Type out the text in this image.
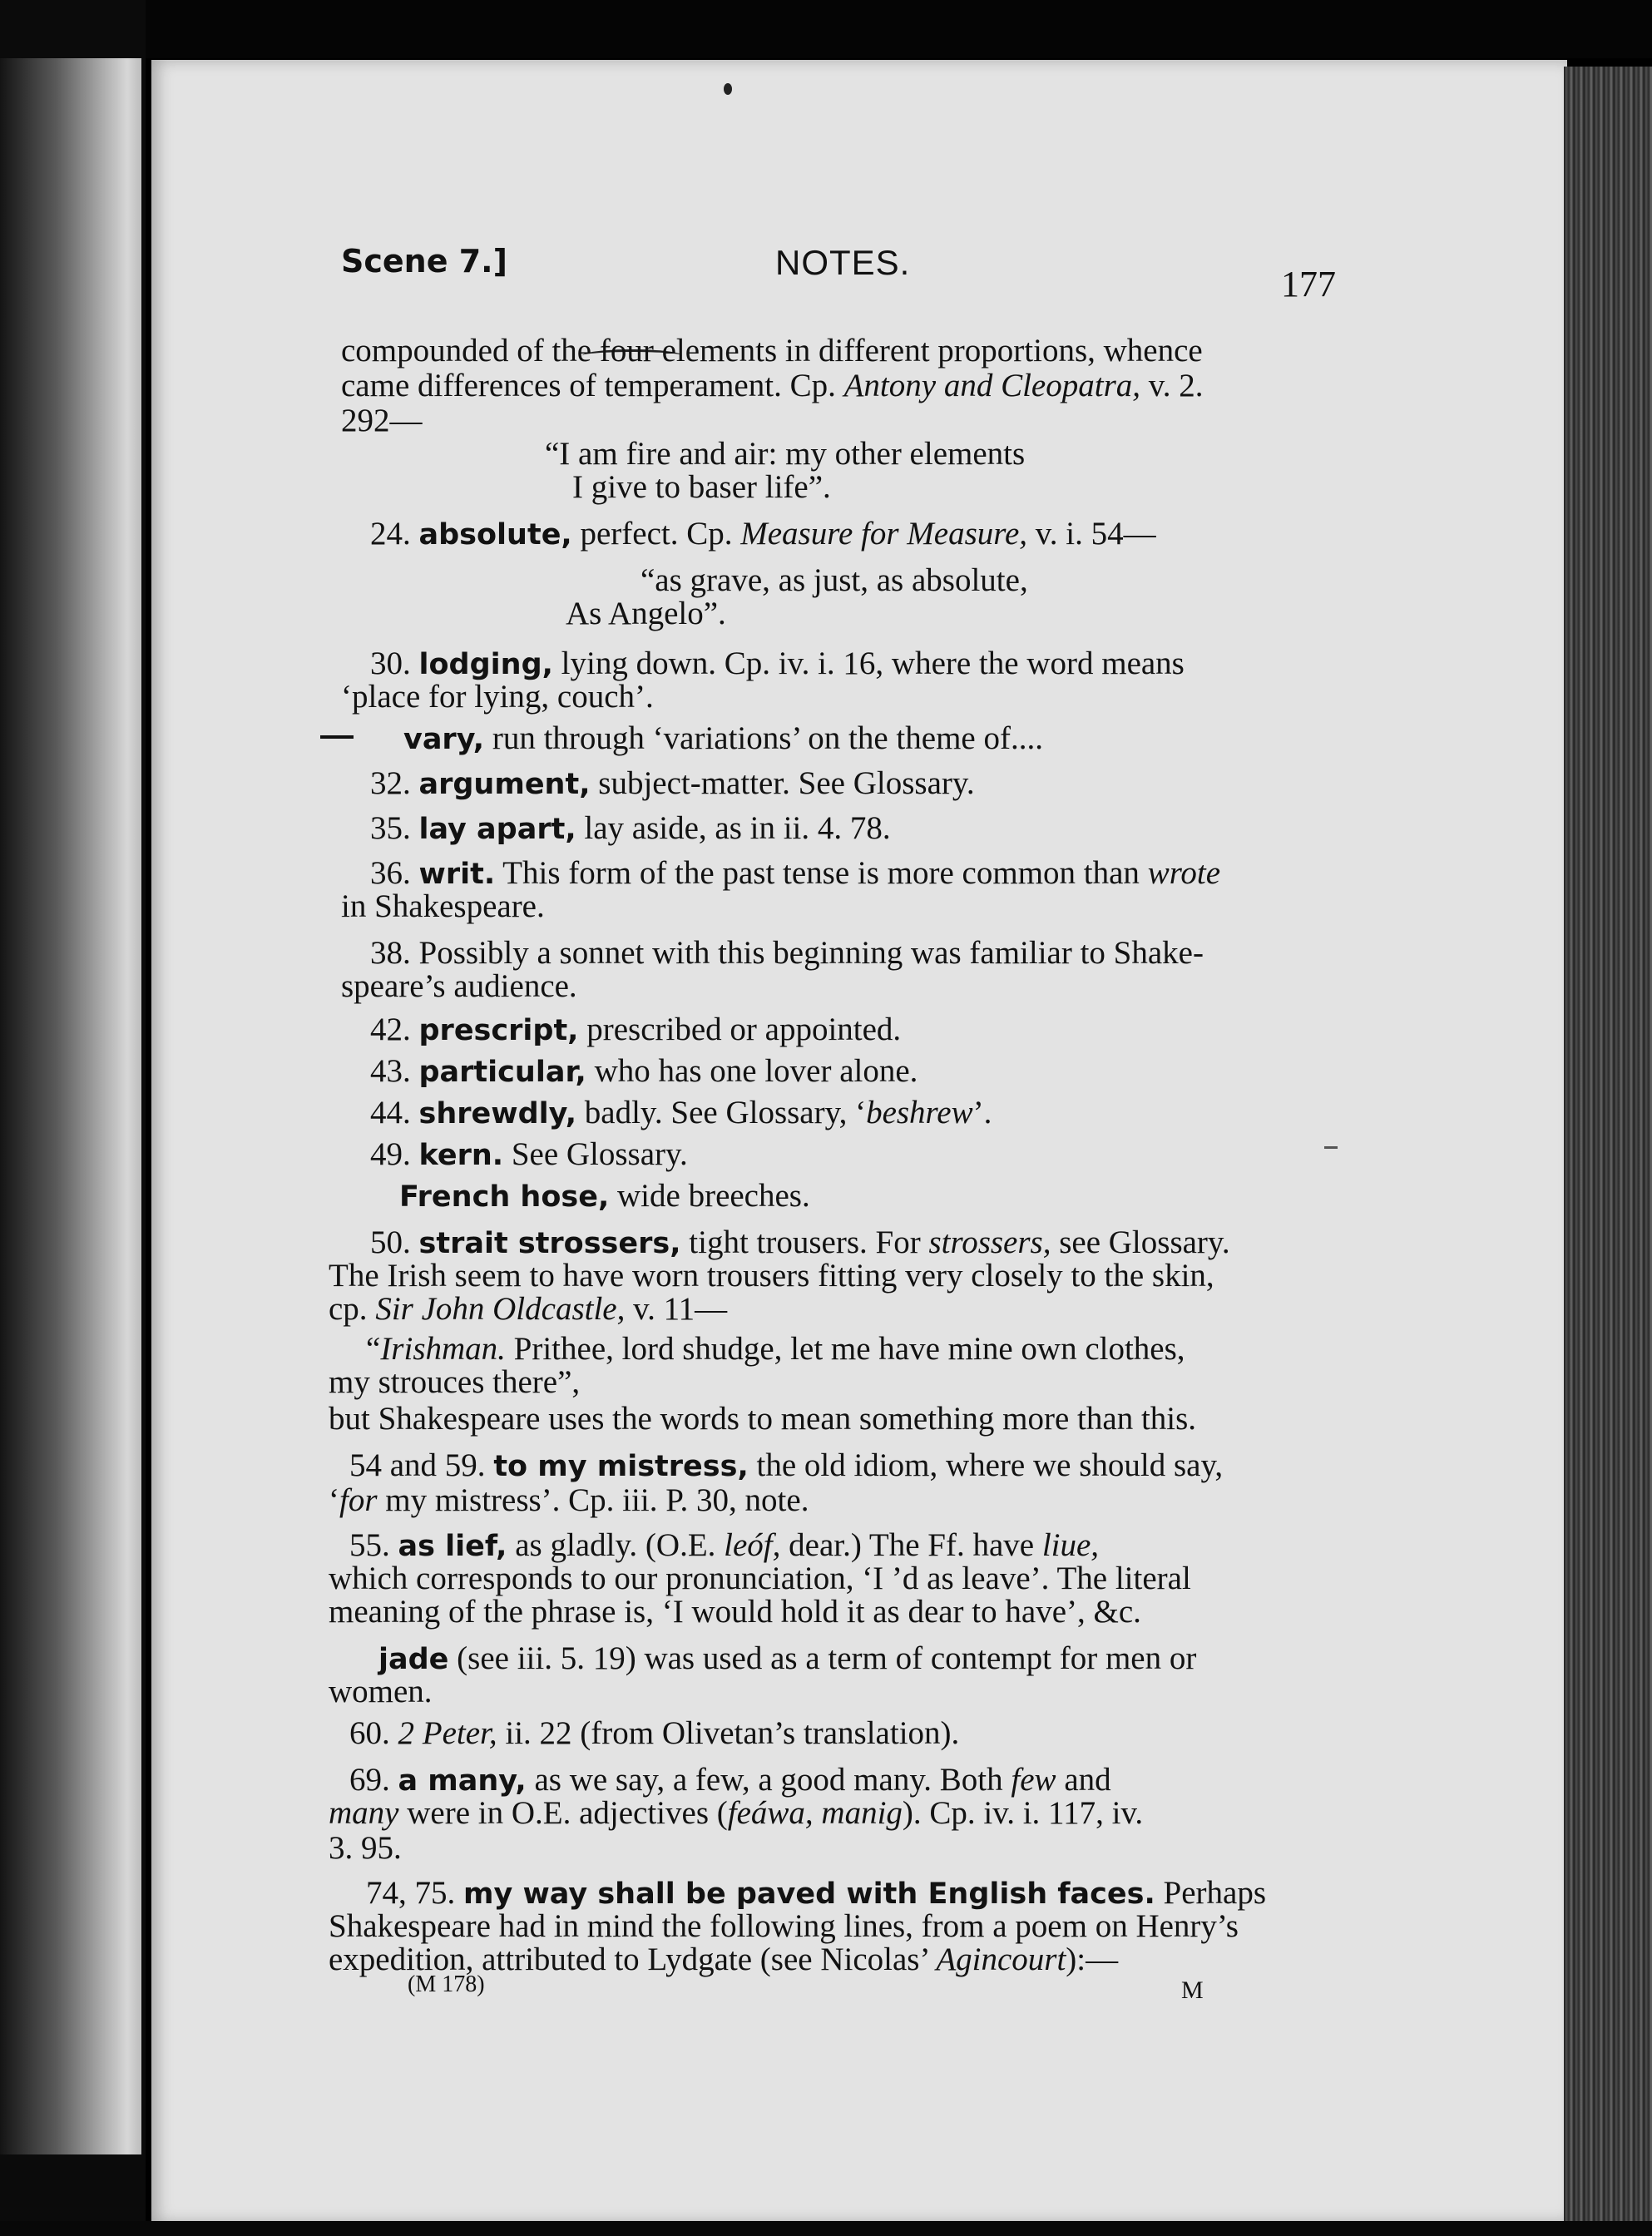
Scene 7.]	NOTES.
177
compounded of the four elements in different proportions, whence
came differences of temperament. Cp. Antony and Cleopatra, v. 2.
292—
“I am fire and air: my other elements
I give to baser life”.
24. absolute, perfect. Cp. Measure for Measure, v. i. 54—
“as grave, as just, as absolute,
As Angelo”.
30. lodging, lying down. Cp. iv. i. 16, where the word means
‘place for lying, couch’.
vary, run through ‘variations’ on the theme of....
32. argument, subject-matter. See Glossary.
35. lay apart, lay aside, as in ii. 4. 78.
36. writ. This form of the past tense is more common than wrote
in Shakespeare.
38. Possibly a sonnet with this beginning was familiar to Shake-
speare’s audience.
42. prescript, prescribed or appointed.
43. particular, who has one lover alone.
44. shrewdly, badly. See Glossary, ‘beshrew’.
49. kern. See Glossary.
French hose, wide breeches.
50. strait strossers, tight trousers. For strossers, see Glossary.
The Irish seem to have worn trousers fitting very closely to the skin,
cp. Sir John Oldcastle, v. 11—
“Irishman. Prithee, lord shudge, let me have mine own clothes,
my strouces there”,
but Shakespeare uses the words to mean something more than this.
54 and 59. to my mistress, the old idiom, where we should say,
‘for my mistress’. Cp. iii. P. 30, note.
55. as lief, as gladly. (O.E. leóf, dear.) The Ff. have liue,
which corresponds to our pronunciation, ‘I ’d as leave’. The literal
meaning of the phrase is, ‘I would hold it as dear to have’, &c.
jade (see iii. 5. 19) was used as a term of contempt for men or
women.
60. 2 Peter, ii. 22 (from Olivetan’s translation).
69. a many, as we say, a few, a good many. Both few and
many were in O.E. adjectives (feáwa, manig). Cp. iv. i. 117, iv.
3. 95.
74, 75. my way shall be paved with English faces. Perhaps
Shakespeare had in mind the following lines, from a poem on Henry’s
expedition, attributed to Lydgate (see Nicolas’ Agincourt):—
(M 178)	M
